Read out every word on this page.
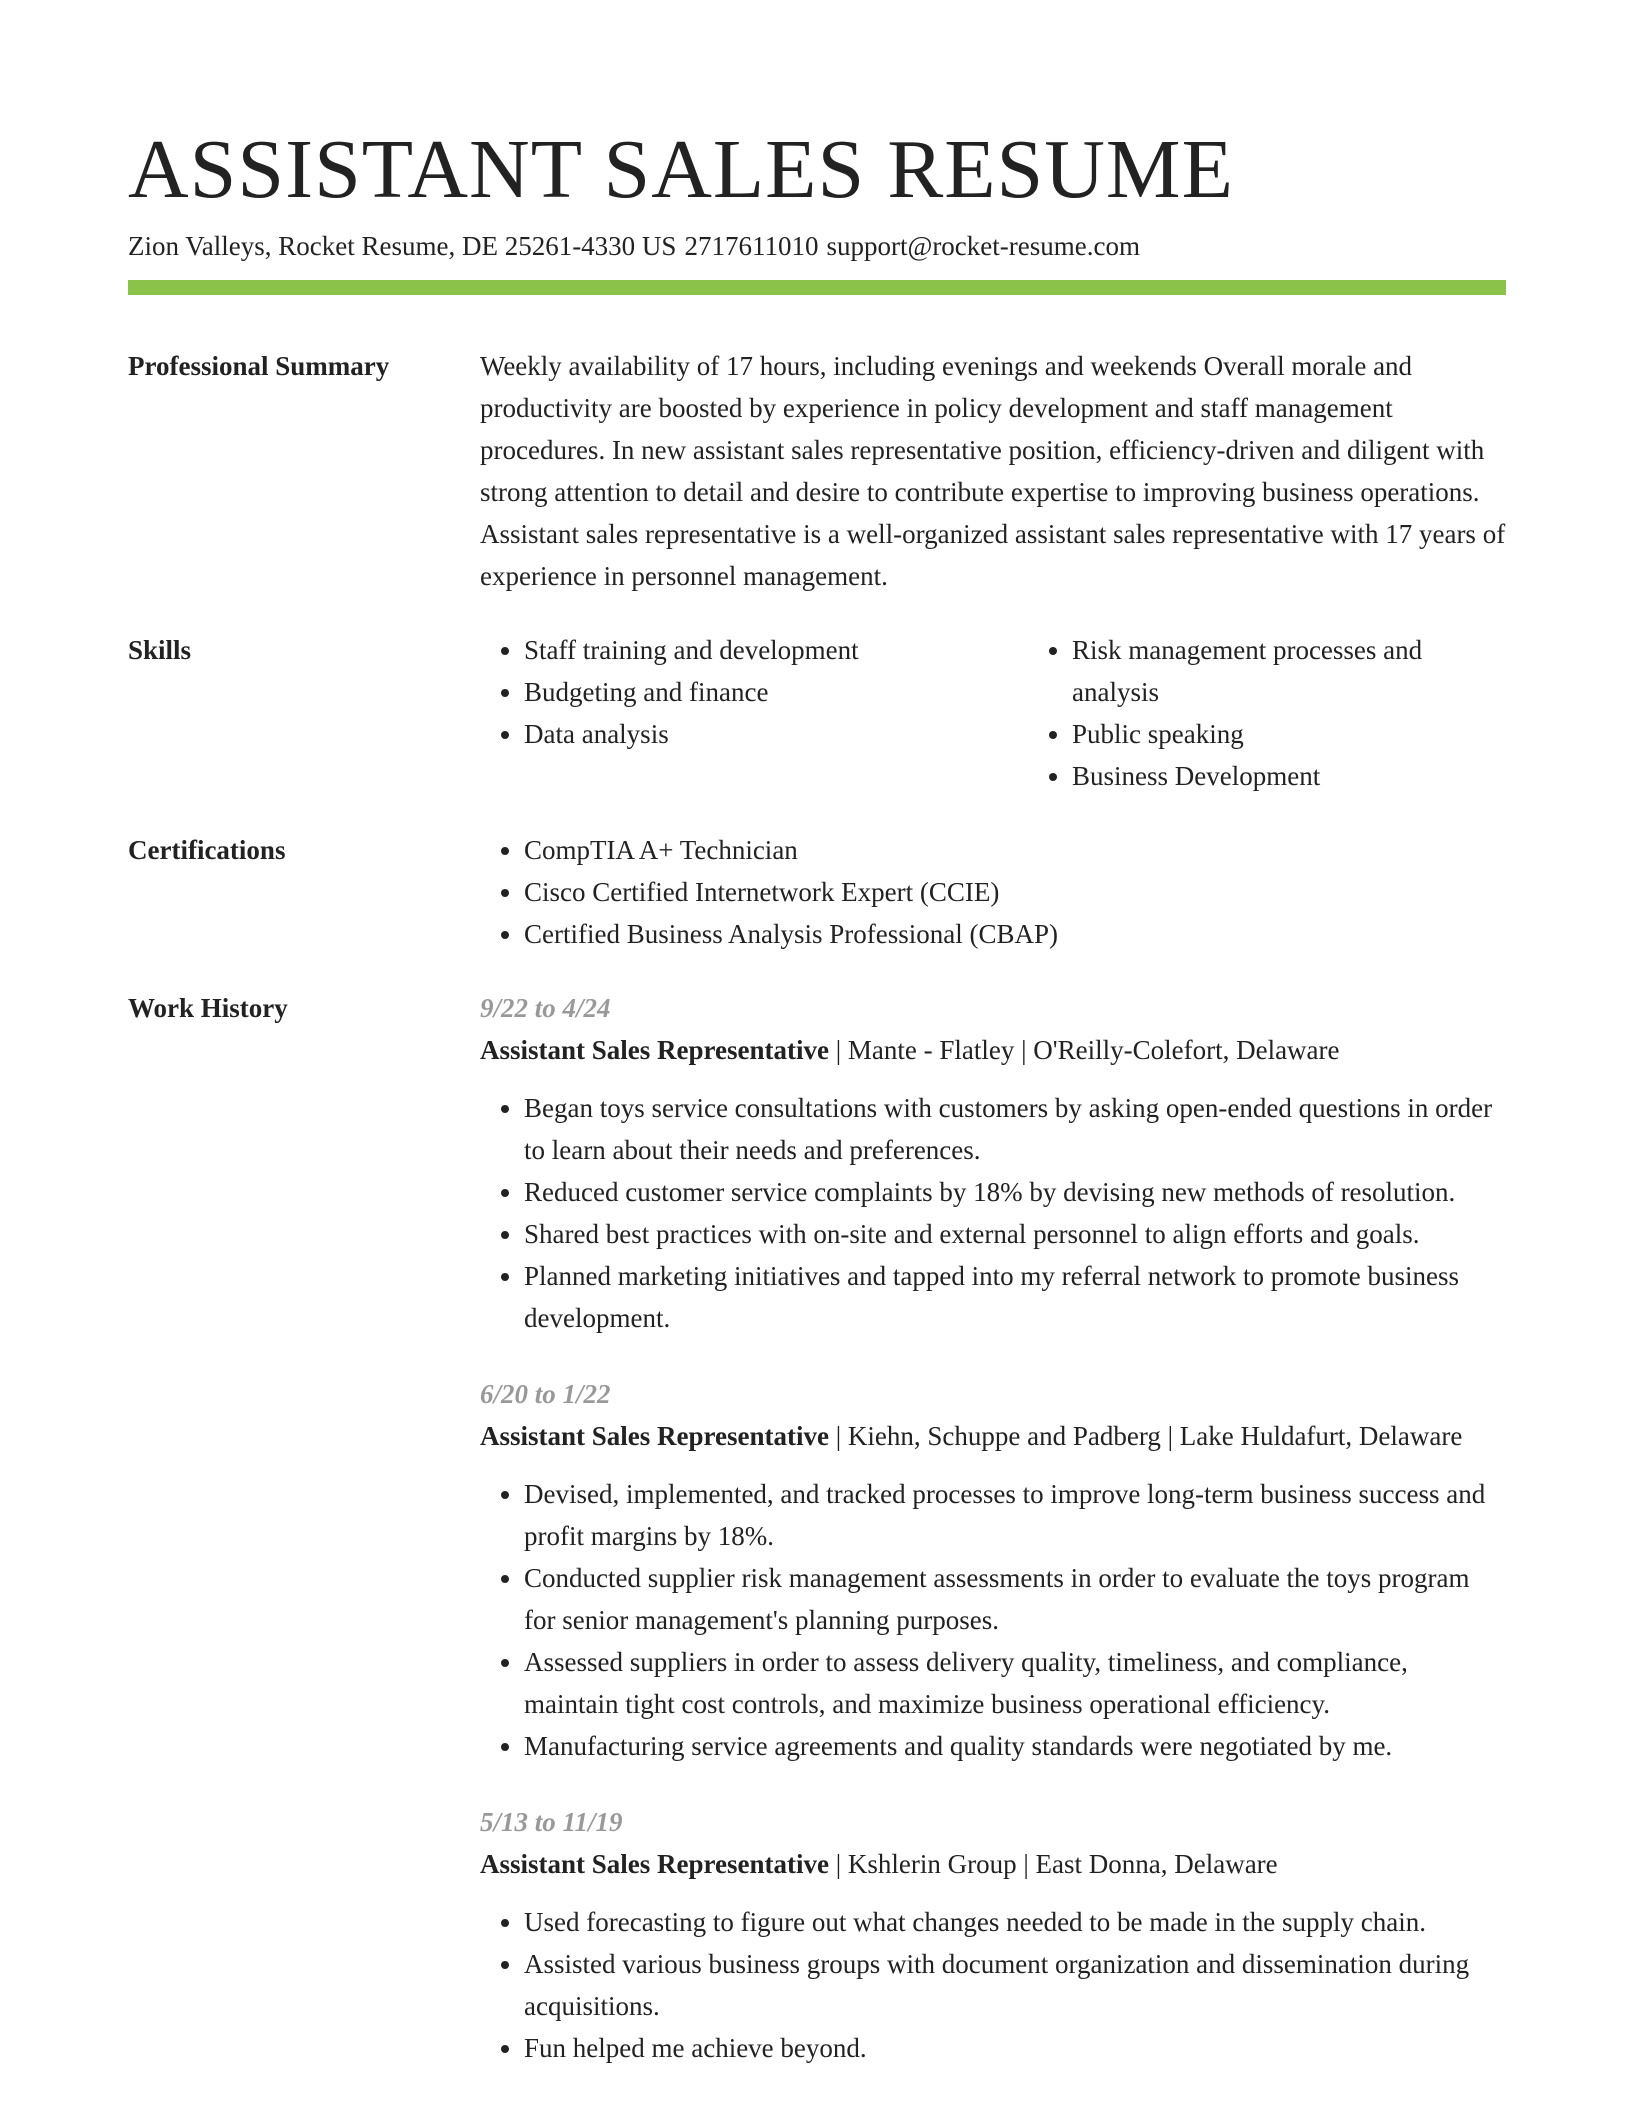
ASSISTANT SALES RESUME
Zion Valleys, Rocket Resume, DE 25261-4330 US 2717611010 support@rocket-resume.com
Professional Summary	Weekly availability of 17 hours, including evenings and weekends Overall morale and productivity are boosted by experience in policy development and staff management procedures. In new assistant sales representative position, efficiency-driven and diligent with strong attention to detail and desire to contribute expertise to improving business operations. Assistant sales representative is a well-organized assistant sales representative with 17 years of experience in personnel management.
Skills	• Staff training and development
• Budgeting and finance
• Data analysis
• Risk management processes and analysis
• Public speaking
• Business Development
Certifications	• CompTIA A+ Technician
• Cisco Certified Internetwork Expert (CCIE)
• Certified Business Analysis Professional (CBAP)
Work History	9/22 to 4/24
Assistant Sales Representative | Mante - Flatley | O'Reilly-Colefort, Delaware
• Began toys service consultations with customers by asking open-ended questions in order to learn about their needs and preferences.
• Reduced customer service complaints by 18% by devising new methods of resolution.
• Shared best practices with on-site and external personnel to align efforts and goals.
• Planned marketing initiatives and tapped into my referral network to promote business development.
6/20 to 1/22
Assistant Sales Representative | Kiehn, Schuppe and Padberg | Lake Huldafurt, Delaware
• Devised, implemented, and tracked processes to improve long-term business success and profit margins by 18%.
• Conducted supplier risk management assessments in order to evaluate the toys program for senior management's planning purposes.
• Assessed suppliers in order to assess delivery quality, timeliness, and compliance, maintain tight cost controls, and maximize business operational efficiency.
• Manufacturing service agreements and quality standards were negotiated by me.
5/13 to 11/19
Assistant Sales Representative | Kshlerin Group | East Donna, Delaware
• Used forecasting to figure out what changes needed to be made in the supply chain.
• Assisted various business groups with document organization and dissemination during acquisitions.
• Fun helped me achieve beyond.
